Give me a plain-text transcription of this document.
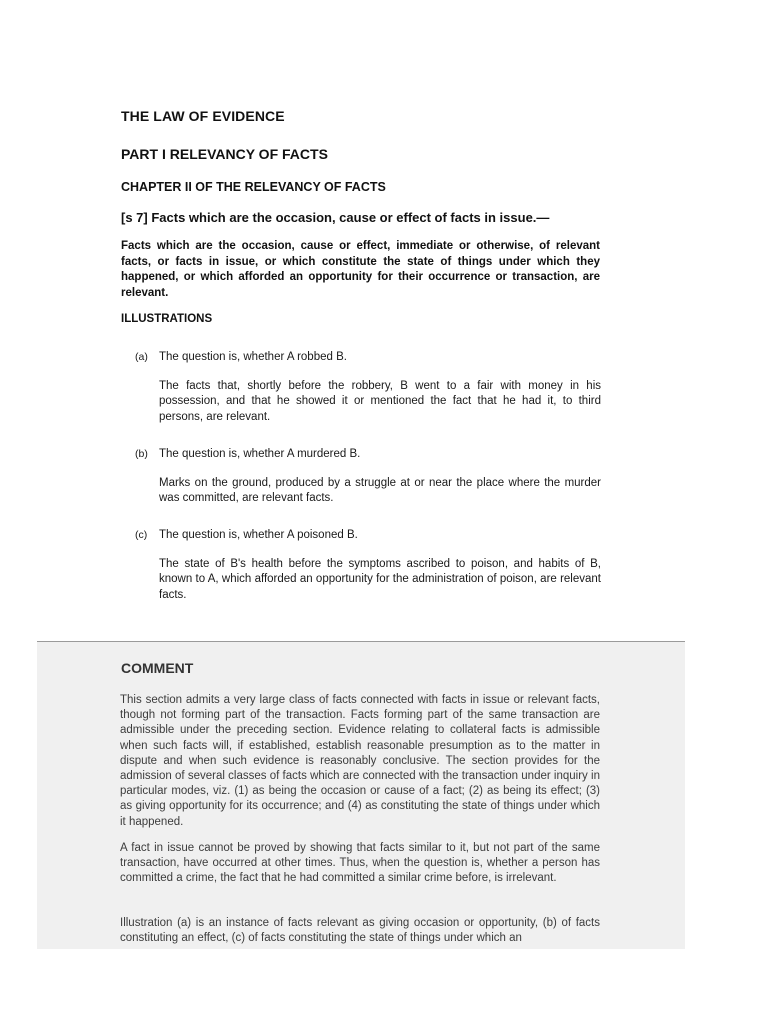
THE LAW OF EVIDENCE
PART I RELEVANCY OF FACTS
CHAPTER II OF THE RELEVANCY OF FACTS
[s 7] Facts which are the occasion, cause or effect of facts in issue.—
Facts which are the occasion, cause or effect, immediate or otherwise, of relevant facts, or facts in issue, or which constitute the state of things under which they happened, or which afforded an opportunity for their occurrence or transaction, are relevant.
ILLUSTRATIONS
(a) The question is, whether A robbed B.
The facts that, shortly before the robbery, B went to a fair with money in his possession, and that he showed it or mentioned the fact that he had it, to third persons, are relevant.
(b) The question is, whether A murdered B.
Marks on the ground, produced by a struggle at or near the place where the murder was committed, are relevant facts.
(c)	The question is, whether A poisoned B.
The state of B's health before the symptoms ascribed to poison, and habits of B, known to A, which afforded an opportunity for the administration of poison, are relevant facts.
COMMENT
This section admits a very large class of facts connected with facts in issue or relevant facts, though not forming part of the transaction. Facts forming part of the same transaction are admissible under the preceding section. Evidence relating to collateral facts is admissible when such facts will, if established, establish reasonable presumption as to the matter in dispute and when such evidence is reasonably conclusive. The section provides for the admission of several classes of facts which are connected with the transaction under inquiry in particular modes, viz. (1) as being the occasion or cause of a fact; (2) as being its effect; (3) as giving opportunity for its occurrence; and (4) as constituting the state of things under which it happened.
A fact in issue cannot be proved by showing that facts similar to it, but not part of the same transaction, have occurred at other times. Thus, when the question is, whether a person has committed a crime, the fact that he had committed a similar crime before, is irrelevant.
Illustration (a) is an instance of facts relevant as giving occasion or opportunity, (b) of facts constituting an effect, (c) of facts constituting the state of things under which an
